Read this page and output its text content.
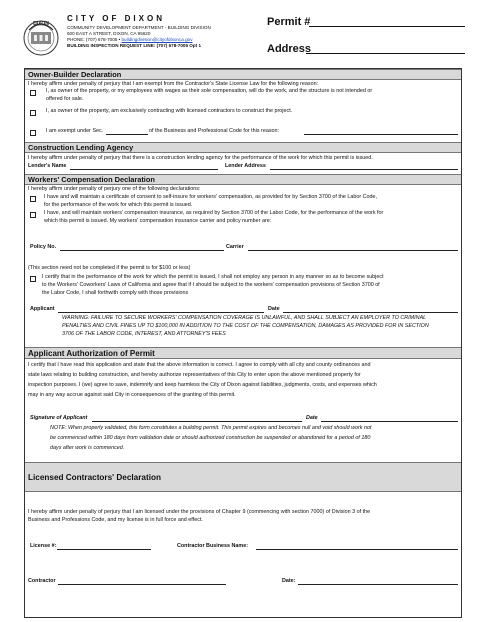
DIXON
CITY OF DIXON
COMMUNITY DEVELOPMENT DEPARTMENT - BUILDING DIVISION
600 EAST A STREET, DIXON, CA 95620
PHONE: (707) 678-7005 • buildingdivision@cityofdixonca.gov
BUILDING INSPECTION REQUEST LINE: (707) 678-7005 Opt 1
Permit #
Address
Owner-Builder Declaration
I hereby affirm under penalty of perjury that I am exempt from the Contractor's State License Law for the following reason:
I, as owner of the property, or my employees with wages as their sole compensation, will do the work, and the structure is not intended or
offered for sale.
I, as owner of the property, am exclusively contracting with licensed contractors to construct the project.
I am exempt under Sec.	of the Business and Professional Code for this reason:
Construction Lending Agency
I hereby affirm under penalty of perjury that there is a construction lending agency for the performance of the work for which this permit is issued.
Lender's Name	Lender Address
Workers' Compensation Declaration
I hereby affirm under penalty of perjury one of the following declarations:
I have and will maintain a certificate of consent to self-insure for workers' compensation, as provided for by Section 3700 of the Labor Code,
for the performance of the work for which this permit is issued.
I have, and will maintain workers' compensation insurance, as required by Section 3700 of the Labor Code, for the performance of the work for
which this permit is issued. My workers' compensation insurance carrier and policy number are:
Policy No.	Carrier
(This section need not be completed if the permit is for $100 or less)
I certify that in the performance of the work for which the permit is issued, I shall not employ any person in any manner so as to become subject
to the Workers' Coworkers' Laws of California and agree that if I should be subject to the workers' compensation provisions of Section 3700 of
the Labor Code, I shall forthwith comply with those provisions
Applicant	Date
WARNING: FAILURE TO SECURE WORKERS' COMPENSATION COVERAGE IS UNLAWFUL, AND SHALL SUBJECT AN EMPLOYER TO CRIMINAL
PENALTIES AND CIVIL FINES UP TO $100,000 IN ADDITION TO THE COST OF THE COMPENSATION, DAMAGES AS PROVIDED FOR IN SECTION
3706 OF THE LABOR CODE, INTEREST, AND ATTORNEY'S FEES
Applicant Authorization of Permit
I certify that I have read this application and state that the above information is correct. I agree to comply with all city and county ordinances and
state laws relating to building construction, and hereby authorize representatives of this City to enter upon the above mentioned property for
inspection purposes. I (we) agree to save, indemnify and keep harmless the City of Dixon against liabilities, judgments, costs, and expenses which
may in any way accrue against said City in consequences of the granting of this permit.
Signature of Applicant	Date
NOTE: When properly validated, this form constitutes a building permit. This permit expires and becomes null and void should work not
be commenced within 180 days from validation date or should authorized construction be suspended or abandoned for a period of 180
days after work is commenced.
Licensed Contractors' Declaration
I hereby affirm under penalty of perjury that I am licensed under the provisions of Chapter 9 (commencing with section 7000) of Division 3 of the
Business and Professions Code, and my license is in full force and effect.
License #:	Contractor Business Name:
Contractor	Date:
